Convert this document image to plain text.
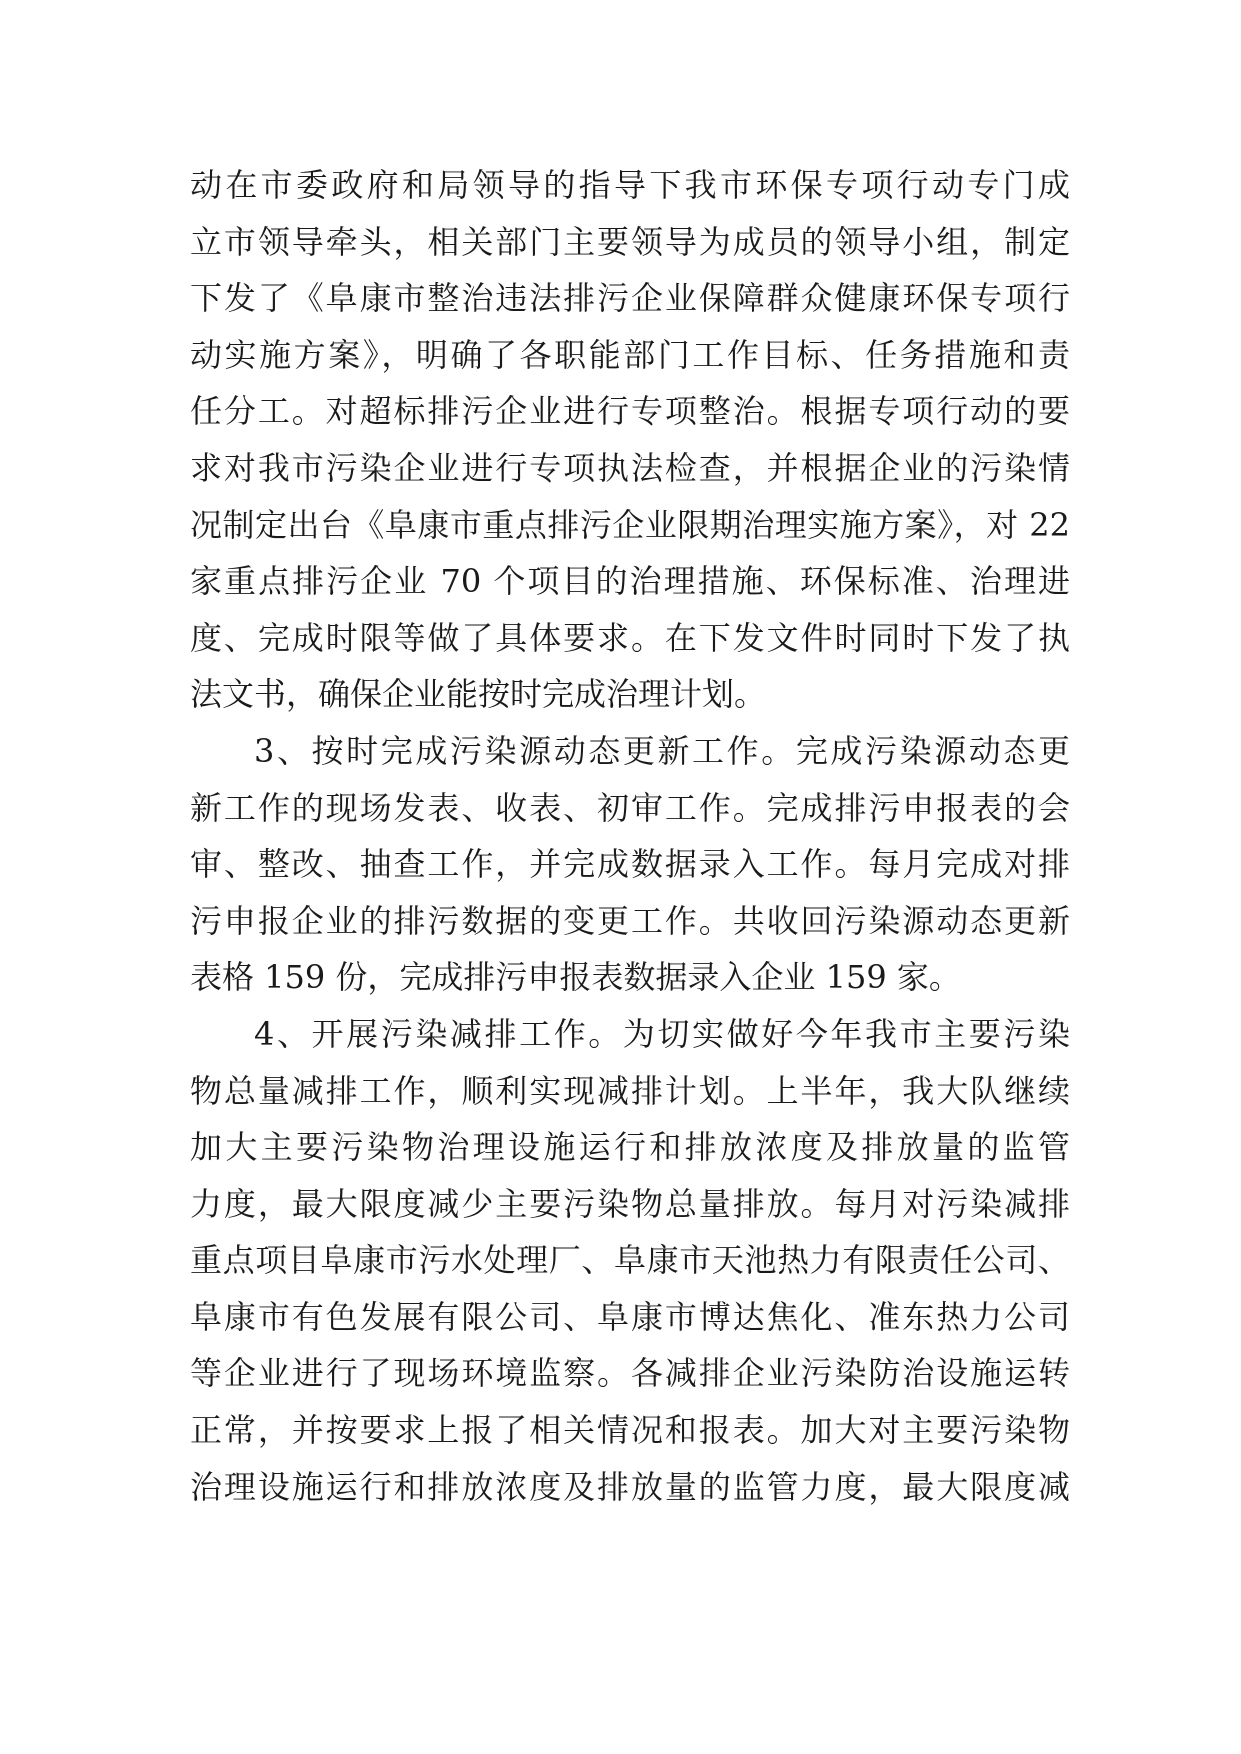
动在市委政府和局领导的指导下我市环保专项行动专门成
立市领导牵头，相关部门主要领导为成员的领导小组，制定
下发了《阜康市整治违法排污企业保障群众健康环保专项行
动实施方案》，明确了各职能部门工作目标、任务措施和责
任分工。对超标排污企业进行专项整治。根据专项行动的要
求对我市污染企业进行专项执法检查，并根据企业的污染情
况制定出台《阜康市重点排污企业限期治理实施方案》，对 22
家重点排污企业 70 个项目的治理措施、环保标准、治理进
度、完成时限等做了具体要求。在下发文件时同时下发了执
法文书，确保企业能按时完成治理计划。
3、按时完成污染源动态更新工作。完成污染源动态更
新工作的现场发表、收表、初审工作。完成排污申报表的会
审、整改、抽查工作，并完成数据录入工作。每月完成对排
污申报企业的排污数据的变更工作。共收回污染源动态更新
表格 159 份，完成排污申报表数据录入企业 159 家。
4、开展污染减排工作。为切实做好今年我市主要污染
物总量减排工作，顺利实现减排计划。上半年，我大队继续
加大主要污染物治理设施运行和排放浓度及排放量的监管
力度，最大限度减少主要污染物总量排放。每月对污染减排
重点项目阜康市污水处理厂、阜康市天池热力有限责任公司、
阜康市有色发展有限公司、阜康市博达焦化、准东热力公司
等企业进行了现场环境监察。各减排企业污染防治设施运转
正常，并按要求上报了相关情况和报表。加大对主要污染物
治理设施运行和排放浓度及排放量的监管力度，最大限度减
